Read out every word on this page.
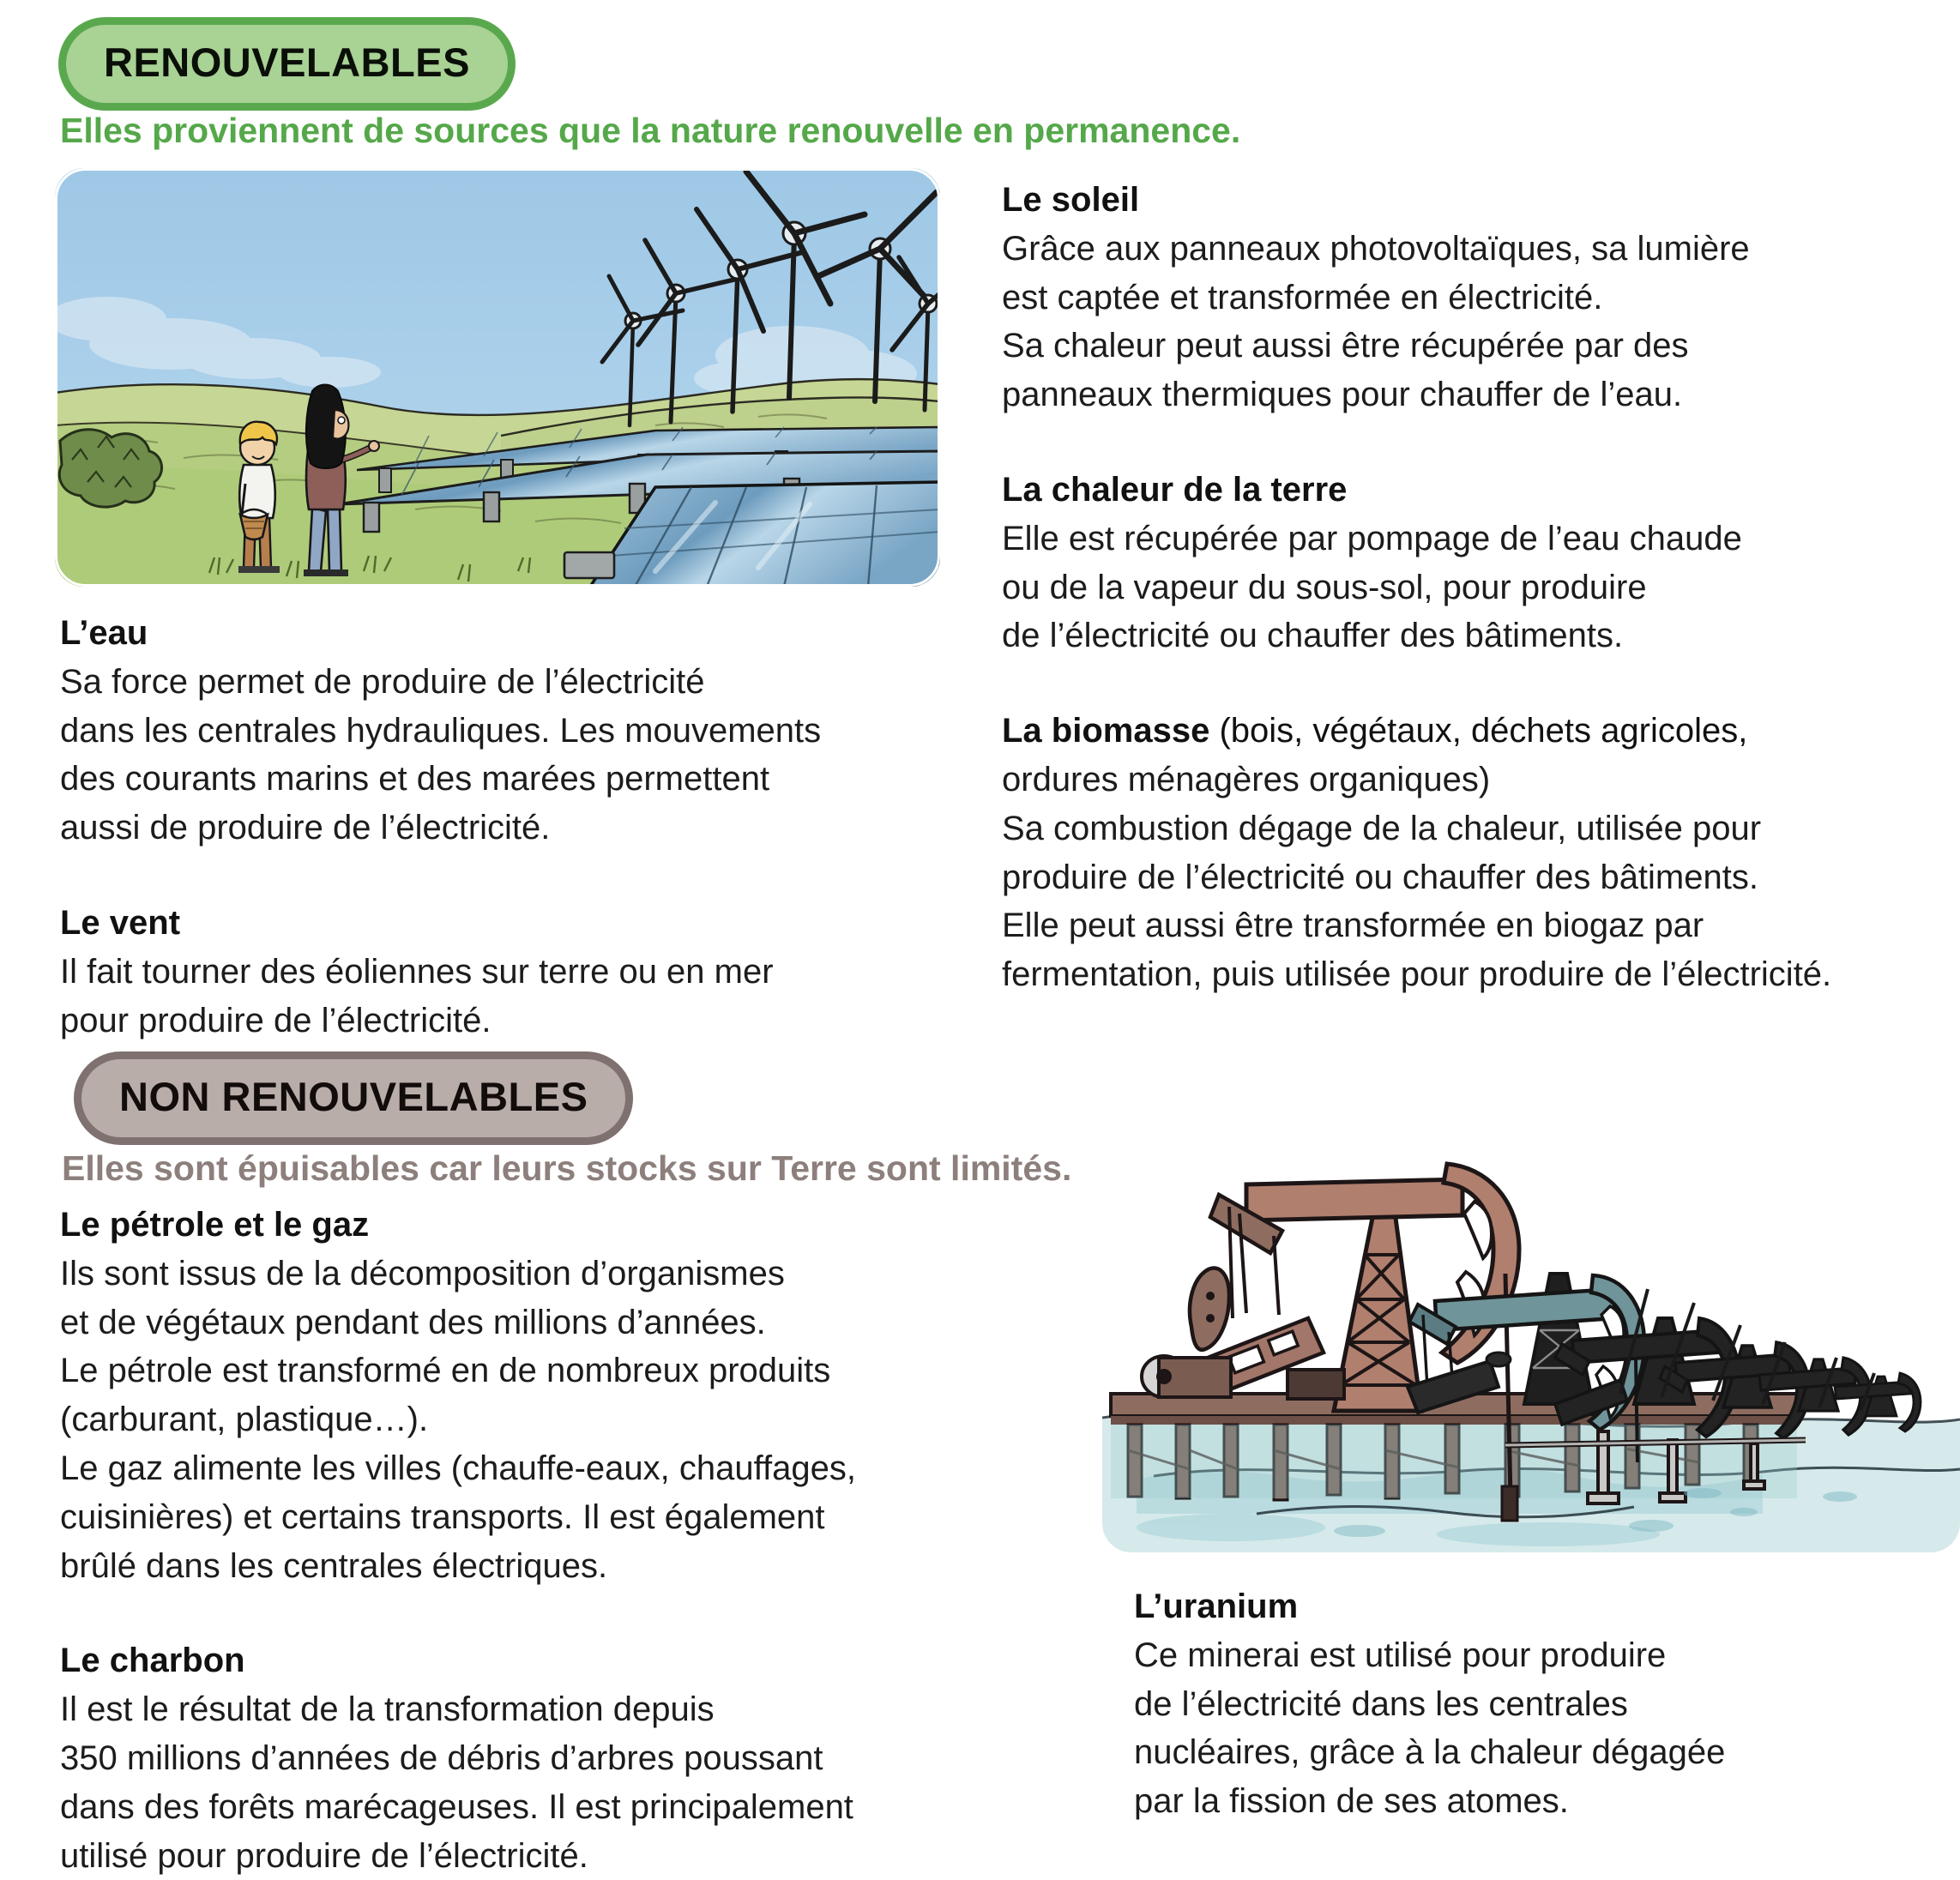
RENOUVELABLES
Elles proviennent de sources que la nature renouvelle en permanence.
L’eau
Sa force permet de produire de l’électricité
dans les centrales hydrauliques. Les mouvements
des courants marins et des marées permettent
aussi de produire de l’électricité.
Le vent
Il fait tourner des éoliennes sur terre ou en mer
pour produire de l’électricité.
Le soleil
Grâce aux panneaux photovoltaïques, sa lumière
est captée et transformée en électricité.
Sa chaleur peut aussi être récupérée par des
panneaux thermiques pour chauffer de l’eau.
La chaleur de la terre
Elle est récupérée par pompage de l’eau chaude
ou de la vapeur du sous-sol, pour produire
de l’électricité ou chauffer des bâtiments.
La biomasse (bois, végétaux, déchets agricoles,
ordures ménagères organiques)
Sa combustion dégage de la chaleur, utilisée pour
produire de l’électricité ou chauffer des bâtiments.
Elle peut aussi être transformée en biogaz par
fermentation, puis utilisée pour produire de l’électricité.
NON RENOUVELABLES
Elles sont épuisables car leurs stocks sur Terre sont limités.
Le pétrole et le gaz
Ils sont issus de la décomposition d’organismes
et de végétaux pendant des millions d’années.
Le pétrole est transformé en de nombreux produits
(carburant, plastique…).
Le gaz alimente les villes (chauffe-eaux, chauffages,
cuisinières) et certains transports. Il est également
brûlé dans les centrales électriques.
Le charbon
Il est le résultat de la transformation depuis
350 millions d’années de débris d’arbres poussant
dans des forêts marécageuses. Il est principalement
utilisé pour produire de l’électricité.
L’uranium
Ce minerai est utilisé pour produire
de l’électricité dans les centrales
nucléaires, grâce à la chaleur dégagée
par la fission de ses atomes.
